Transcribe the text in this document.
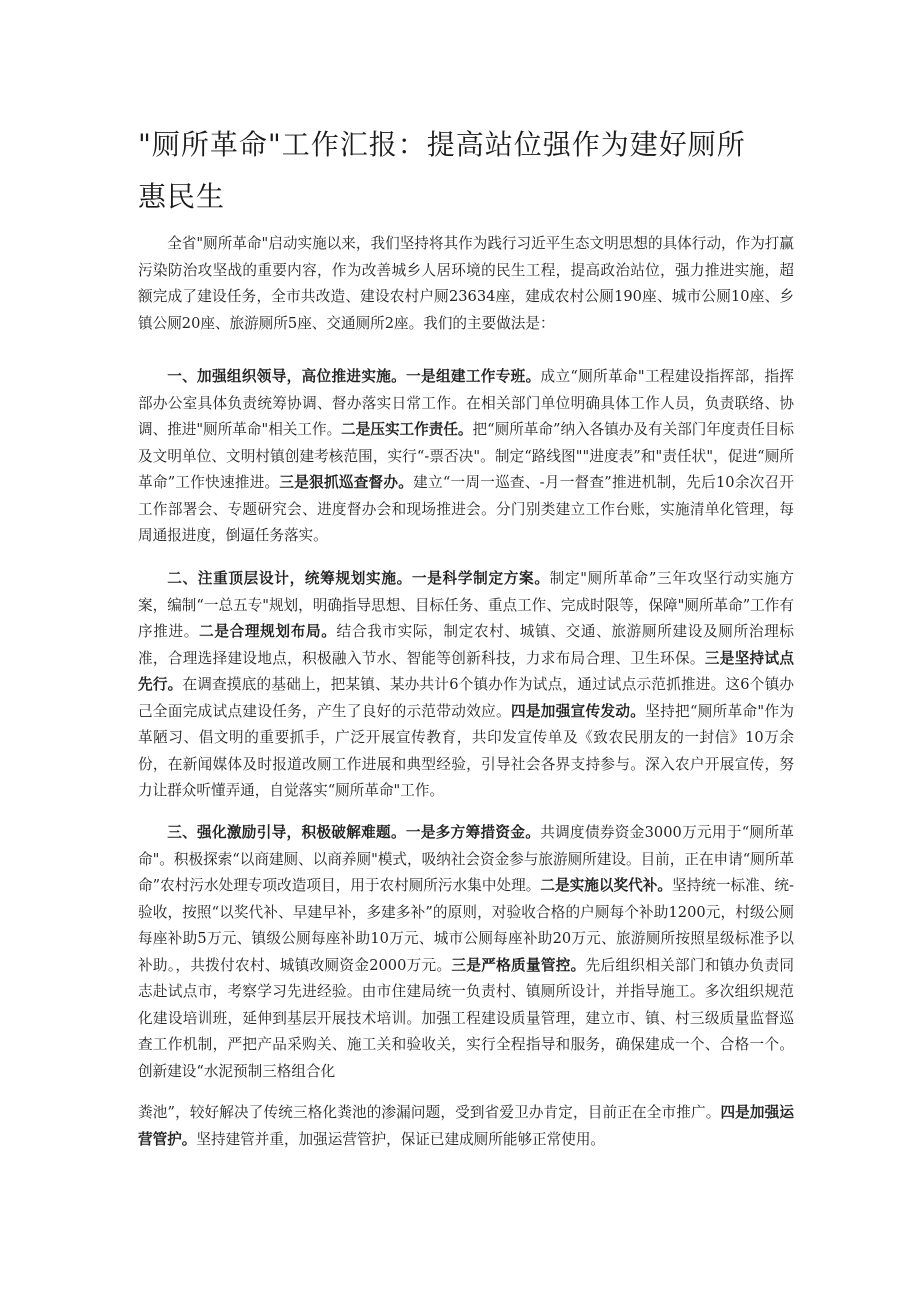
"厕所革命"工作汇报：提高站位强作为建好厕所
惠民生

全省"厕所革命"启动实施以来，我们坚持将其作为践行习近平生态文明思想的具体行动，作为打赢污染防治攻坚战的重要内容，作为改善城乡人居环境的民生工程，提高政治站位，强力推进实施，超额完成了建设任务，全市共改造、建设农村户厕23634座，建成农村公厕190座、城市公厕10座、乡镇公厕20座、旅游厕所5座、交通厕所2座。我们的主要做法是：

一、加强组织领导，高位推进实施。一是组建工作专班。成立“厕所革命"工程建设指挥部，指挥部办公室具体负责统筹协调、督办落实日常工作。在相关部门单位明确具体工作人员，负责联络、协调、推进"厕所革命"相关工作。二是压实工作责任。把“厕所革命”纳入各镇办及有关部门年度责任目标及文明单位、文明村镇创建考核范围，实行“-票否决"。制定“路线图""进度表”和"责任状"，促进“厕所革命”工作快速推进。三是狠抓巡查督办。建立“一周一巡查、-月一督查”推进机制，先后10余次召开工作部署会、专题研究会、进度督办会和现场推进会。分门别类建立工作台账，实施清单化管理，每周通报进度，倒逼任务落实。

二、注重顶层设计，统筹规划实施。一是科学制定方案。制定"厕所革命”三年攻坚行动实施方案，编制“一总五专"规划，明确指导思想、目标任务、重点工作、完成时限等，保障"厕所革命”工作有序推进。二是合理规划布局。结合我市实际，制定农村、城镇、交通、旅游厕所建设及厕所治理标准，合理选择建设地点，积极融入节水、智能等创新科技，力求布局合理、卫生环保。三是坚持试点先行。在调查摸底的基础上，把某镇、某办共计6个镇办作为试点，通过试点示范抓推进。这6个镇办己全面完成试点建设任务，产生了良好的示范带动效应。四是加强宣传发动。坚持把“厕所革命"作为革陋习、倡文明的重要抓手，广泛开展宣传教育，共印发宣传单及《致农民朋友的一封信》10万余份，在新闻媒体及时报道改厕工作进展和典型经验，引导社会各界支持参与。深入农户开展宣传，努力让群众听懂弄通，自觉落实“厕所革命"工作。

三、强化激励引导，积极破解难题。一是多方筹措资金。共调度债券资金3000万元用于“厕所革命"。积极探索“以商建厕、以商养厕"模式，吸纳社会资金参与旅游厕所建设。目前，正在申请“厕所革命”农村污水处理专项改造项目，用于农村厕所污水集中处理。二是实施以奖代补。坚持统一标准、统-验收，按照“以奖代补、早建早补，多建多补”的原则，对验收合格的户厕每个补助1200元，村级公厕每座补助5万元、镇级公厕每座补助10万元、城市公厕每座补助20万元、旅游厕所按照星级标准予以补助。，共拨付农村、城镇改厕资金2000万元。三是严格质量管控。先后组织相关部门和镇办负责同志赴试点市，考察学习先进经验。由市住建局统一负责村、镇厕所设计，并指导施工。多次组织规范化建设培训班，延伸到基层开展技术培训。加强工程建设质量管理，建立市、镇、村三级质量监督巡查工作机制，严把产品采购关、施工关和验收关，实行全程指导和服务，确保建成一个、合格一个。创新建设“水泥预制三格组合化

粪池”，较好解决了传统三格化粪池的渗漏问题，受到省爱卫办肯定，目前正在全市推广。四是加强运营管护。坚持建管并重，加强运营管护，保证已建成厕所能够正常使用。
